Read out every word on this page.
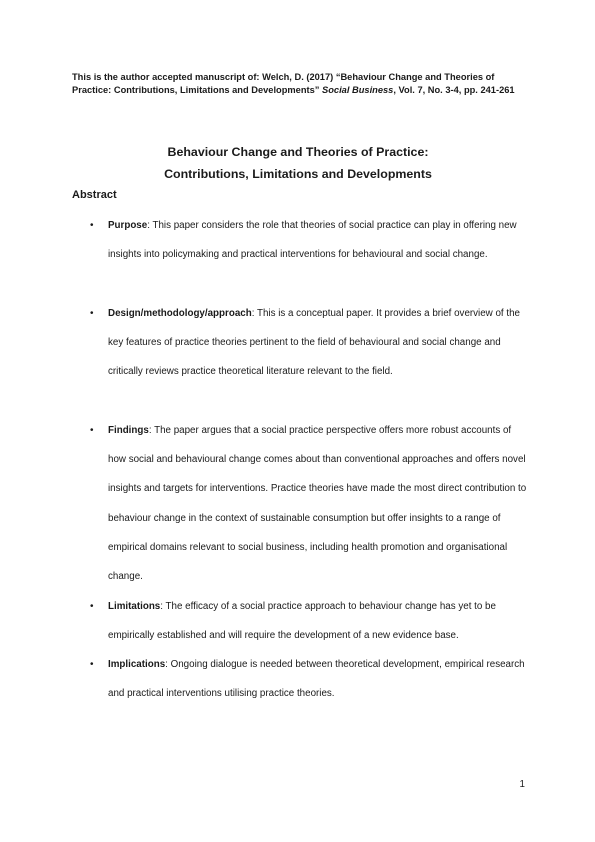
This is the author accepted manuscript of: Welch, D. (2017) “Behaviour Change and Theories of Practice: Contributions, Limitations and Developments” Social Business, Vol. 7, No. 3-4, pp. 241-261
Behaviour Change and Theories of Practice:
Contributions, Limitations and Developments
Abstract
• Purpose: This paper considers the role that theories of social practice can play in offering new insights into policymaking and practical interventions for behavioural and social change.
• Design/methodology/approach: This is a conceptual paper. It provides a brief overview of the key features of practice theories pertinent to the field of behavioural and social change and critically reviews practice theoretical literature relevant to the field.
• Findings: The paper argues that a social practice perspective offers more robust accounts of how social and behavioural change comes about than conventional approaches and offers novel insights and targets for interventions. Practice theories have made the most direct contribution to behaviour change in the context of sustainable consumption but offer insights to a range of empirical domains relevant to social business, including health promotion and organisational change.
• Limitations: The efficacy of a social practice approach to behaviour change has yet to be empirically established and will require the development of a new evidence base.
• Implications: Ongoing dialogue is needed between theoretical development, empirical research and practical interventions utilising practice theories.
1
